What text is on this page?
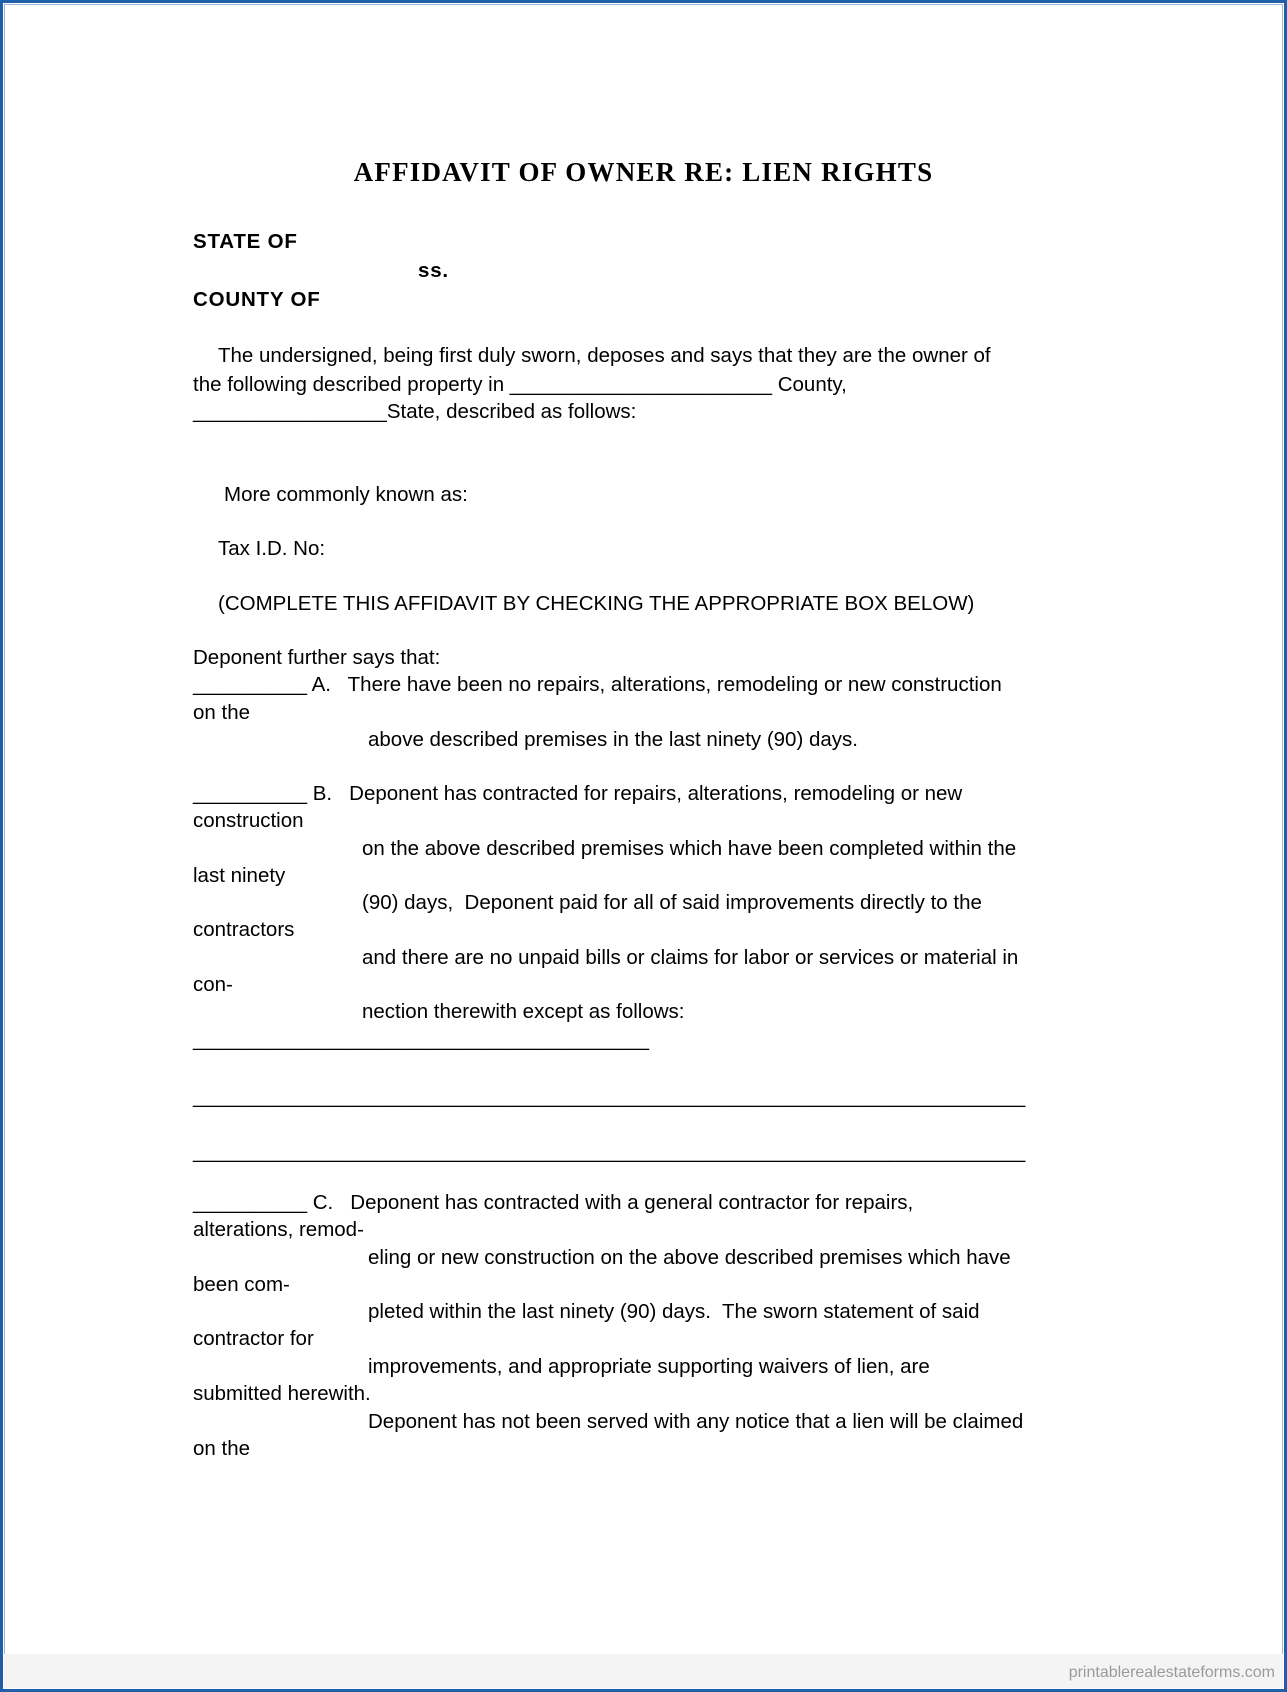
AFFIDAVIT OF OWNER RE: LIEN RIGHTS
STATE OF
ss.
COUNTY OF
The undersigned, being first duly sworn, deposes and says that they are the owner of
the following described property in _______________________ County,
_________________State, described as follows:
More commonly known as:
Tax I.D. No:
(COMPLETE THIS AFFIDAVIT BY CHECKING THE APPROPRIATE BOX BELOW)
Deponent further says that:
__________ A.   There have been no repairs, alterations, remodeling or new construction
on the
above described premises in the last ninety (90) days.
__________ B.   Deponent has contracted for repairs, alterations, remodeling or new
construction
on the above described premises which have been completed within the
last ninety
(90) days,  Deponent paid for all of said improvements directly to the
contractors
and there are no unpaid bills or claims for labor or services or material in
con-
nection therewith except as follows:
________________________________________
_________________________________________________________________________
_________________________________________________________________________
__________ C.   Deponent has contracted with a general contractor for repairs,
alterations, remod-
eling or new construction on the above described premises which have
been com-
pleted within the last ninety (90) days.  The sworn statement of said
contractor for
improvements, and appropriate supporting waivers of lien, are
submitted herewith.
Deponent has not been served with any notice that a lien will be claimed
on the
printablerealestateforms.com
